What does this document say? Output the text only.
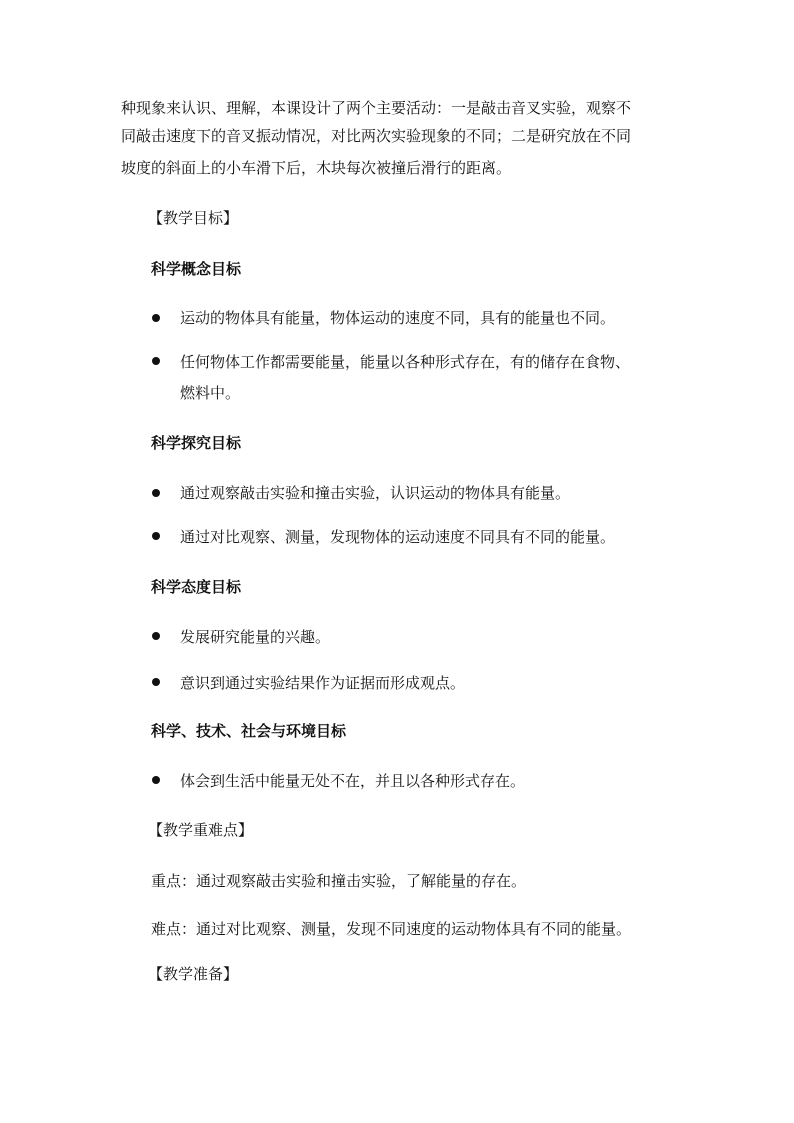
种现象来认识、理解，本课设计了两个主要活动：一是敲击音叉实验，观察不
同敲击速度下的音叉振动情况，对比两次实验现象的不同；二是研究放在不同
坡度的斜面上的小车滑下后，木块每次被撞后滑行的距离。
【教学目标】
科学概念目标
运动的物体具有能量，物体运动的速度不同，具有的能量也不同。
任何物体工作都需要能量，能量以各种形式存在，有的储存在食物、
燃料中。
科学探究目标
通过观察敲击实验和撞击实验，认识运动的物体具有能量。
通过对比观察、测量，发现物体的运动速度不同具有不同的能量。
科学态度目标
发展研究能量的兴趣。
意识到通过实验结果作为证据而形成观点。
科学、技术、社会与环境目标
体会到生活中能量无处不在，并且以各种形式存在。
【教学重难点】
重点：通过观察敲击实验和撞击实验，了解能量的存在。
难点：通过对比观察、测量，发现不同速度的运动物体具有不同的能量。
【教学准备】
